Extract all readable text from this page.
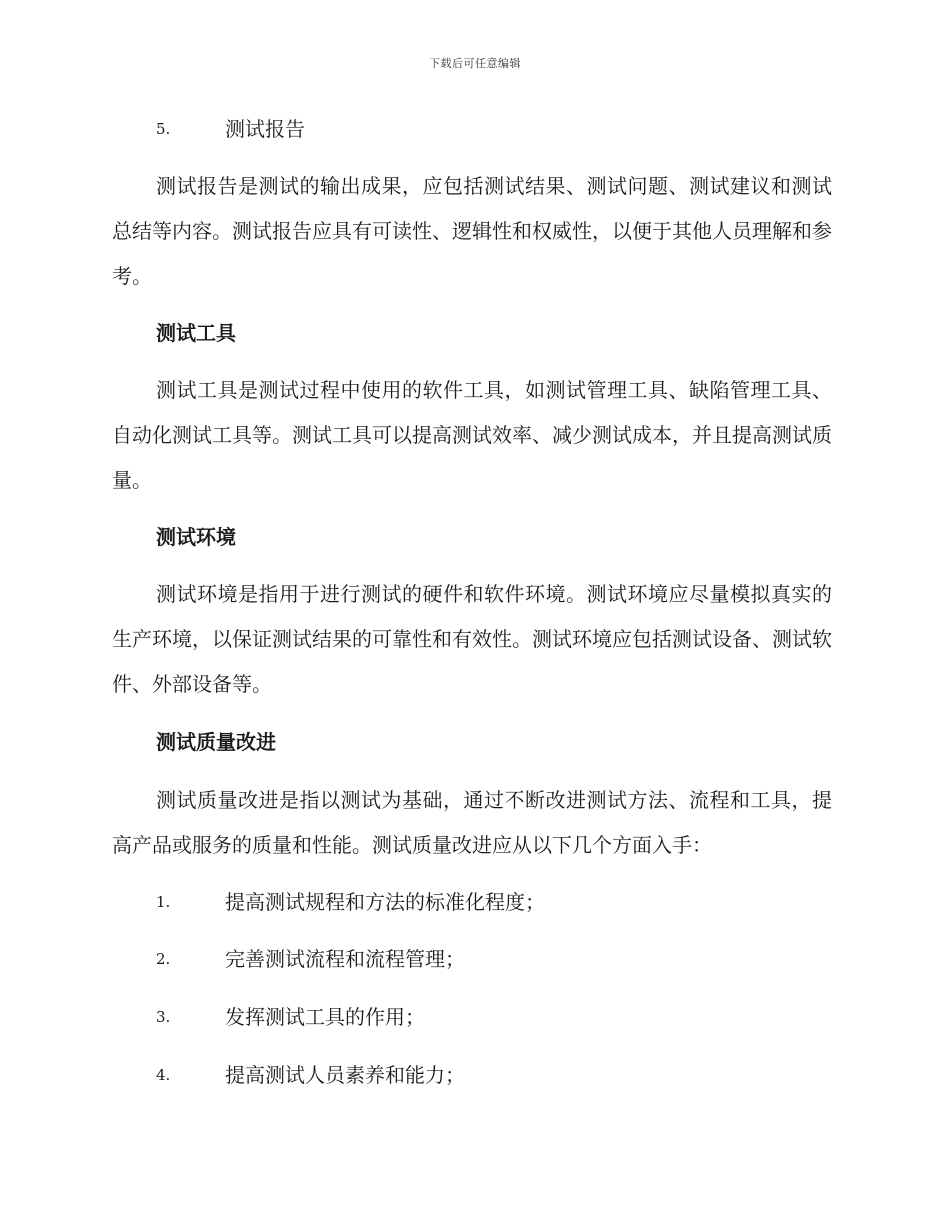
下载后可任意编辑
5.	测试报告

测试报告是测试的输出成果，应包括测试结果、测试问题、测试建议和测试总结等内容。测试报告应具有可读性、逻辑性和权威性，以便于其他人员理解和参考。

测试工具

测试工具是测试过程中使用的软件工具，如测试管理工具、缺陷管理工具、自动化测试工具等。测试工具可以提高测试效率、减少测试成本，并且提高测试质量。

测试环境

测试环境是指用于进行测试的硬件和软件环境。测试环境应尽量模拟真实的生产环境，以保证测试结果的可靠性和有效性。测试环境应包括测试设备、测试软件、外部设备等。

测试质量改进

测试质量改进是指以测试为基础，通过不断改进测试方法、流程和工具，提高产品或服务的质量和性能。测试质量改进应从以下几个方面入手：

1.	提高测试规程和方法的标准化程度；
2.	完善测试流程和流程管理；
3.	发挥测试工具的作用；
4.	提高测试人员素养和能力；
